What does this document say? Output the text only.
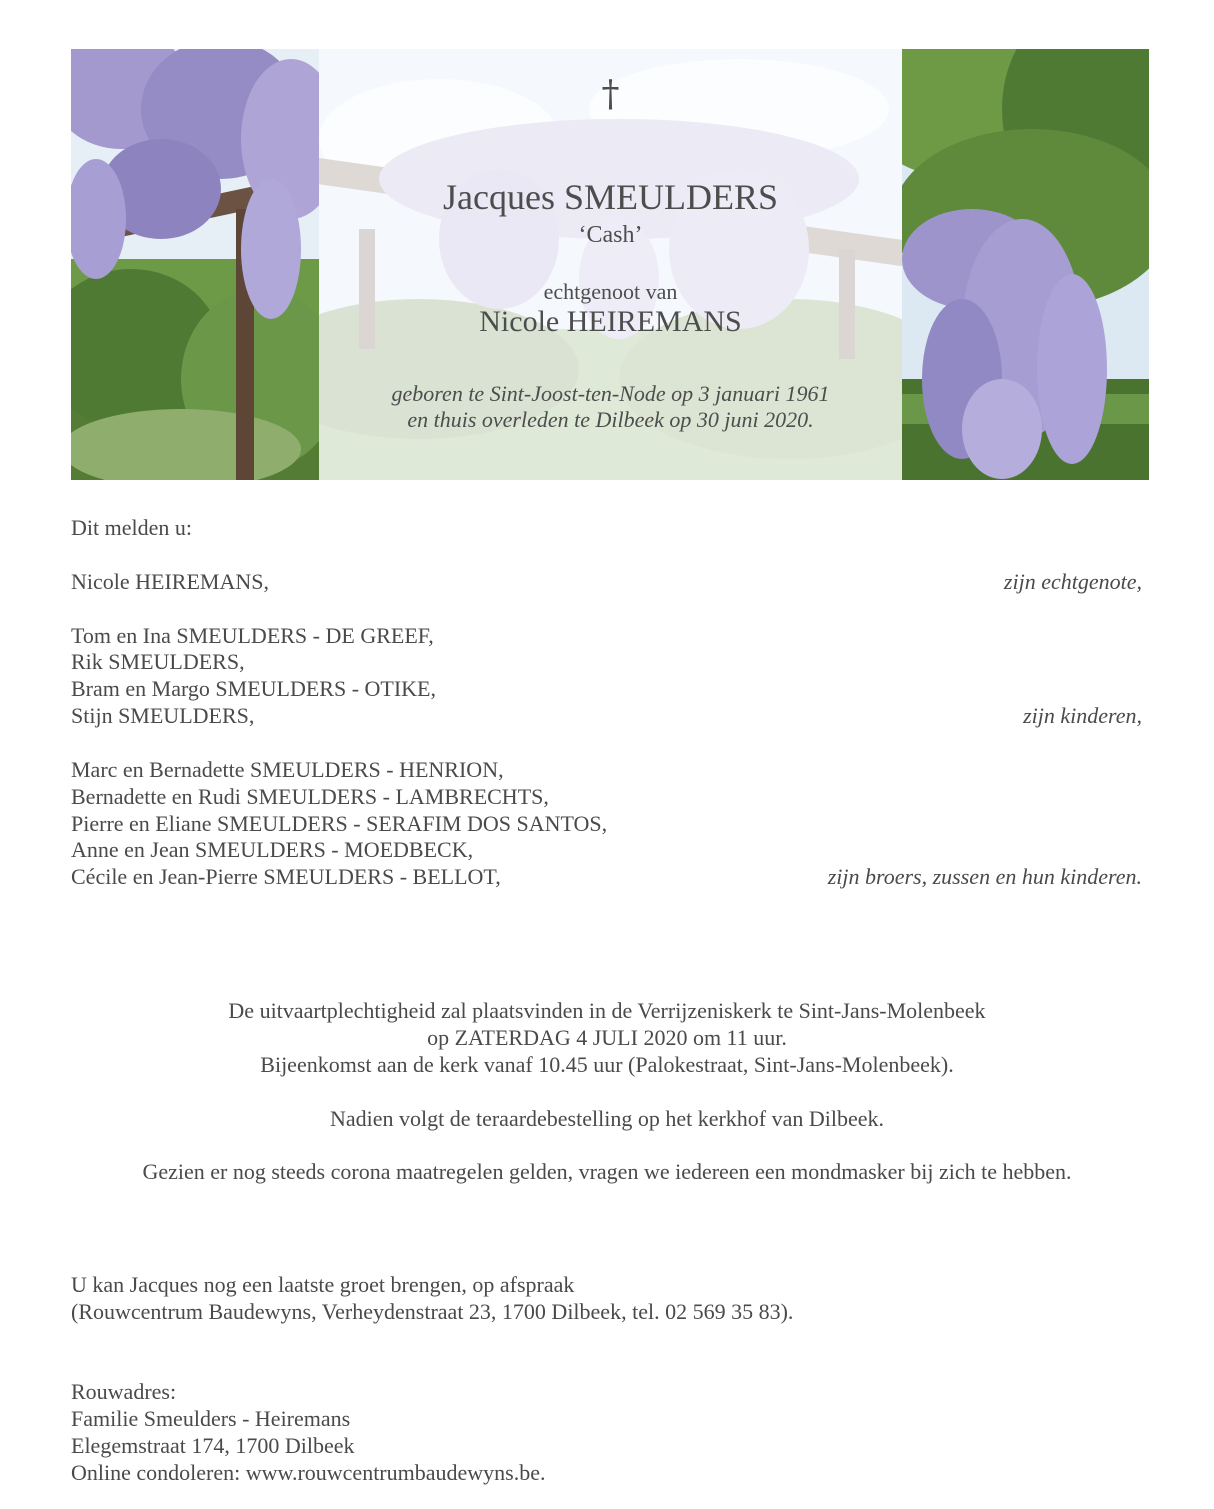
†
Jacques SMEULDERS
‘Cash’
echtgenoot van
Nicole HEIREMANS
geboren te Sint-Joost-ten-Node op 3 januari 1961
en thuis overleden te Dilbeek op 30 juni 2020.
Dit melden u:
Nicole HEIREMANS,	zijn echtgenote,
Tom en Ina SMEULDERS - DE GREEF,
Rik SMEULDERS,
Bram en Margo SMEULDERS - OTIKE,
Stijn SMEULDERS,	zijn kinderen,
Marc en Bernadette SMEULDERS - HENRION,
Bernadette en Rudi SMEULDERS - LAMBRECHTS,
Pierre en Eliane SMEULDERS - SERAFIM DOS SANTOS,
Anne en Jean SMEULDERS - MOEDBECK,
Cécile en Jean-Pierre SMEULDERS - BELLOT,	zijn broers, zussen en hun kinderen.
De uitvaartplechtigheid zal plaatsvinden in de Verrijzeniskerk te Sint-Jans-Molenbeek
op ZATERDAG 4 JULI 2020 om 11 uur.
Bijeenkomst aan de kerk vanaf 10.45 uur (Palokestraat, Sint-Jans-Molenbeek).
Nadien volgt de teraardebestelling op het kerkhof van Dilbeek.
Gezien er nog steeds corona maatregelen gelden, vragen we iedereen een mondmasker bij zich te hebben.
U kan Jacques nog een laatste groet brengen, op afspraak
(Rouwcentrum Baudewyns, Verheydenstraat 23, 1700 Dilbeek, tel. 02 569 35 83).
Rouwadres:
Familie Smeulders - Heiremans
Elegemstraat 174, 1700 Dilbeek
Online condoleren: www.rouwcentrumbaudewyns.be.
